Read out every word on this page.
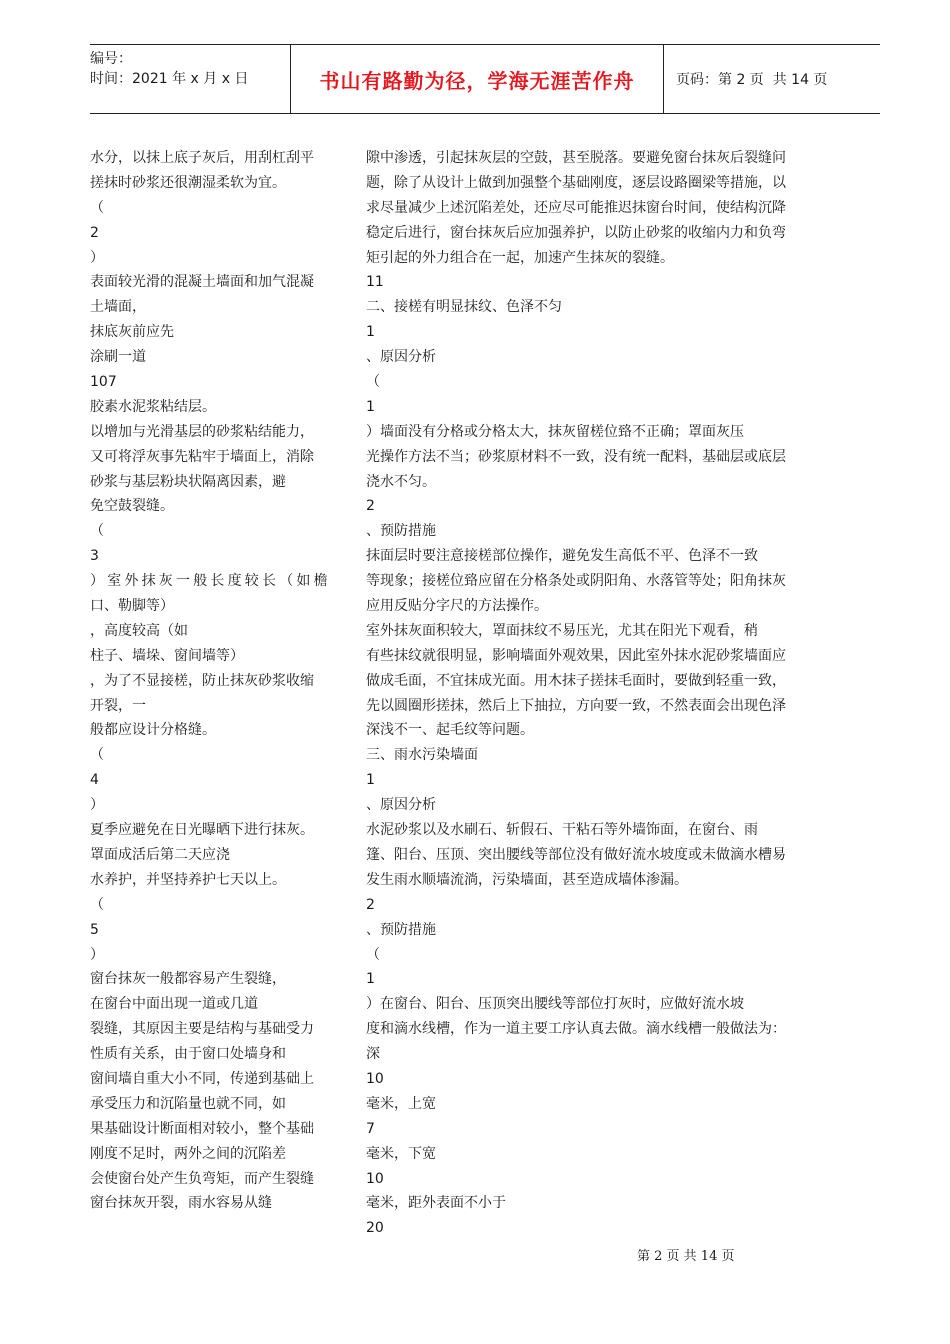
编号：
时间：2021 年 x 月 x 日	书山有路勤为径，学海无涯苦作舟	页码：第 2 页  共 14 页
水分，以抹上底子灰后，用刮杠刮平
搓抹时砂浆还很潮湿柔软为宜。
（
2
）
表面较光滑的混凝土墙面和加气混凝
土墙面，
抹底灰前应先
涂刷一道
107
胶素水泥浆粘结层。
以增加与光滑基层的砂浆粘结能力，
又可将浮灰事先粘牢于墙面上，消除
砂浆与基层粉块状隔离因素，避
免空鼓裂缝。
（
3
）室外抹灰一般长度较长（如檐
口、勒脚等）
，高度较高（如
柱子、墙垛、窗间墙等）
，为了不显接槎，防止抹灰砂浆收缩
开裂，一
般都应设计分格缝。
（
4
）
夏季应避免在日光曝晒下进行抹灰。
罩面成活后第二天应浇
水养护，并坚持养护七天以上。
（
5
）
窗台抹灰一般都容易产生裂缝，
在窗台中面出现一道或几道
裂缝，其原因主要是结构与基础受力
性质有关系，由于窗口处墙身和
窗间墙自重大小不同，传递到基础上
承受压力和沉陷量也就不同，如
果基础设计断面相对较小，整个基础
刚度不足时，两外之间的沉陷差
会使窗台处产生负弯矩，而产生裂缝
窗台抹灰开裂，雨水容易从缝
隙中渗透，引起抹灰层的空鼓，甚至脱落。要避免窗台抹灰后裂缝问
题，除了从设计上做到加强整个基础刚度，逐层设路圈梁等措施，以
求尽量减少上述沉陷差处，还应尽可能推迟抹窗台时间，使结构沉降
稳定后进行，窗台抹灰后应加强养护，以防止砂浆的收缩内力和负弯
矩引起的外力组合在一起，加速产生抹灰的裂缝。
11
二、接槎有明显抹纹、色泽不匀
1
、原因分析
（
1
）墙面没有分格或分格太大，抹灰留槎位臵不正确；罩面灰压
光操作方法不当；砂浆原材料不一致，没有统一配料，基础层或底层
浇水不匀。
2
、预防措施
抹面层时要注意接槎部位操作，避免发生高低不平、色泽不一致
等现象；接槎位臵应留在分格条处或阴阳角、水落管等处；阳角抹灰
应用反贴分字尺的方法操作。
室外抹灰面积较大，罩面抹纹不易压光，尤其在阳光下观看，稍
有些抹纹就很明显，影响墙面外观效果，因此室外抹水泥砂浆墙面应
做成毛面，不宜抹成光面。用木抹子搓抹毛面时，要做到轻重一致，
先以圆圈形搓抹，然后上下抽拉，方向要一致，不然表面会出现色泽
深浅不一、起毛纹等问题。
三、雨水污染墙面
1
、原因分析
水泥砂浆以及水刷石、斩假石、干粘石等外墙饰面，在窗台、雨
篷、阳台、压顶、突出腰线等部位没有做好流水坡度或未做滴水槽易
发生雨水顺墙流淌，污染墙面，甚至造成墙体渗漏。
2
、预防措施
（
1
）在窗台、阳台、压顶突出腰线等部位打灰时，应做好流水坡
度和滴水线槽，作为一道主要工序认真去做。滴水线槽一般做法为：
深
10
毫米，上宽
7
毫米，下宽
10
毫米，距外表面不小于
20
第 2 页 共 14 页
